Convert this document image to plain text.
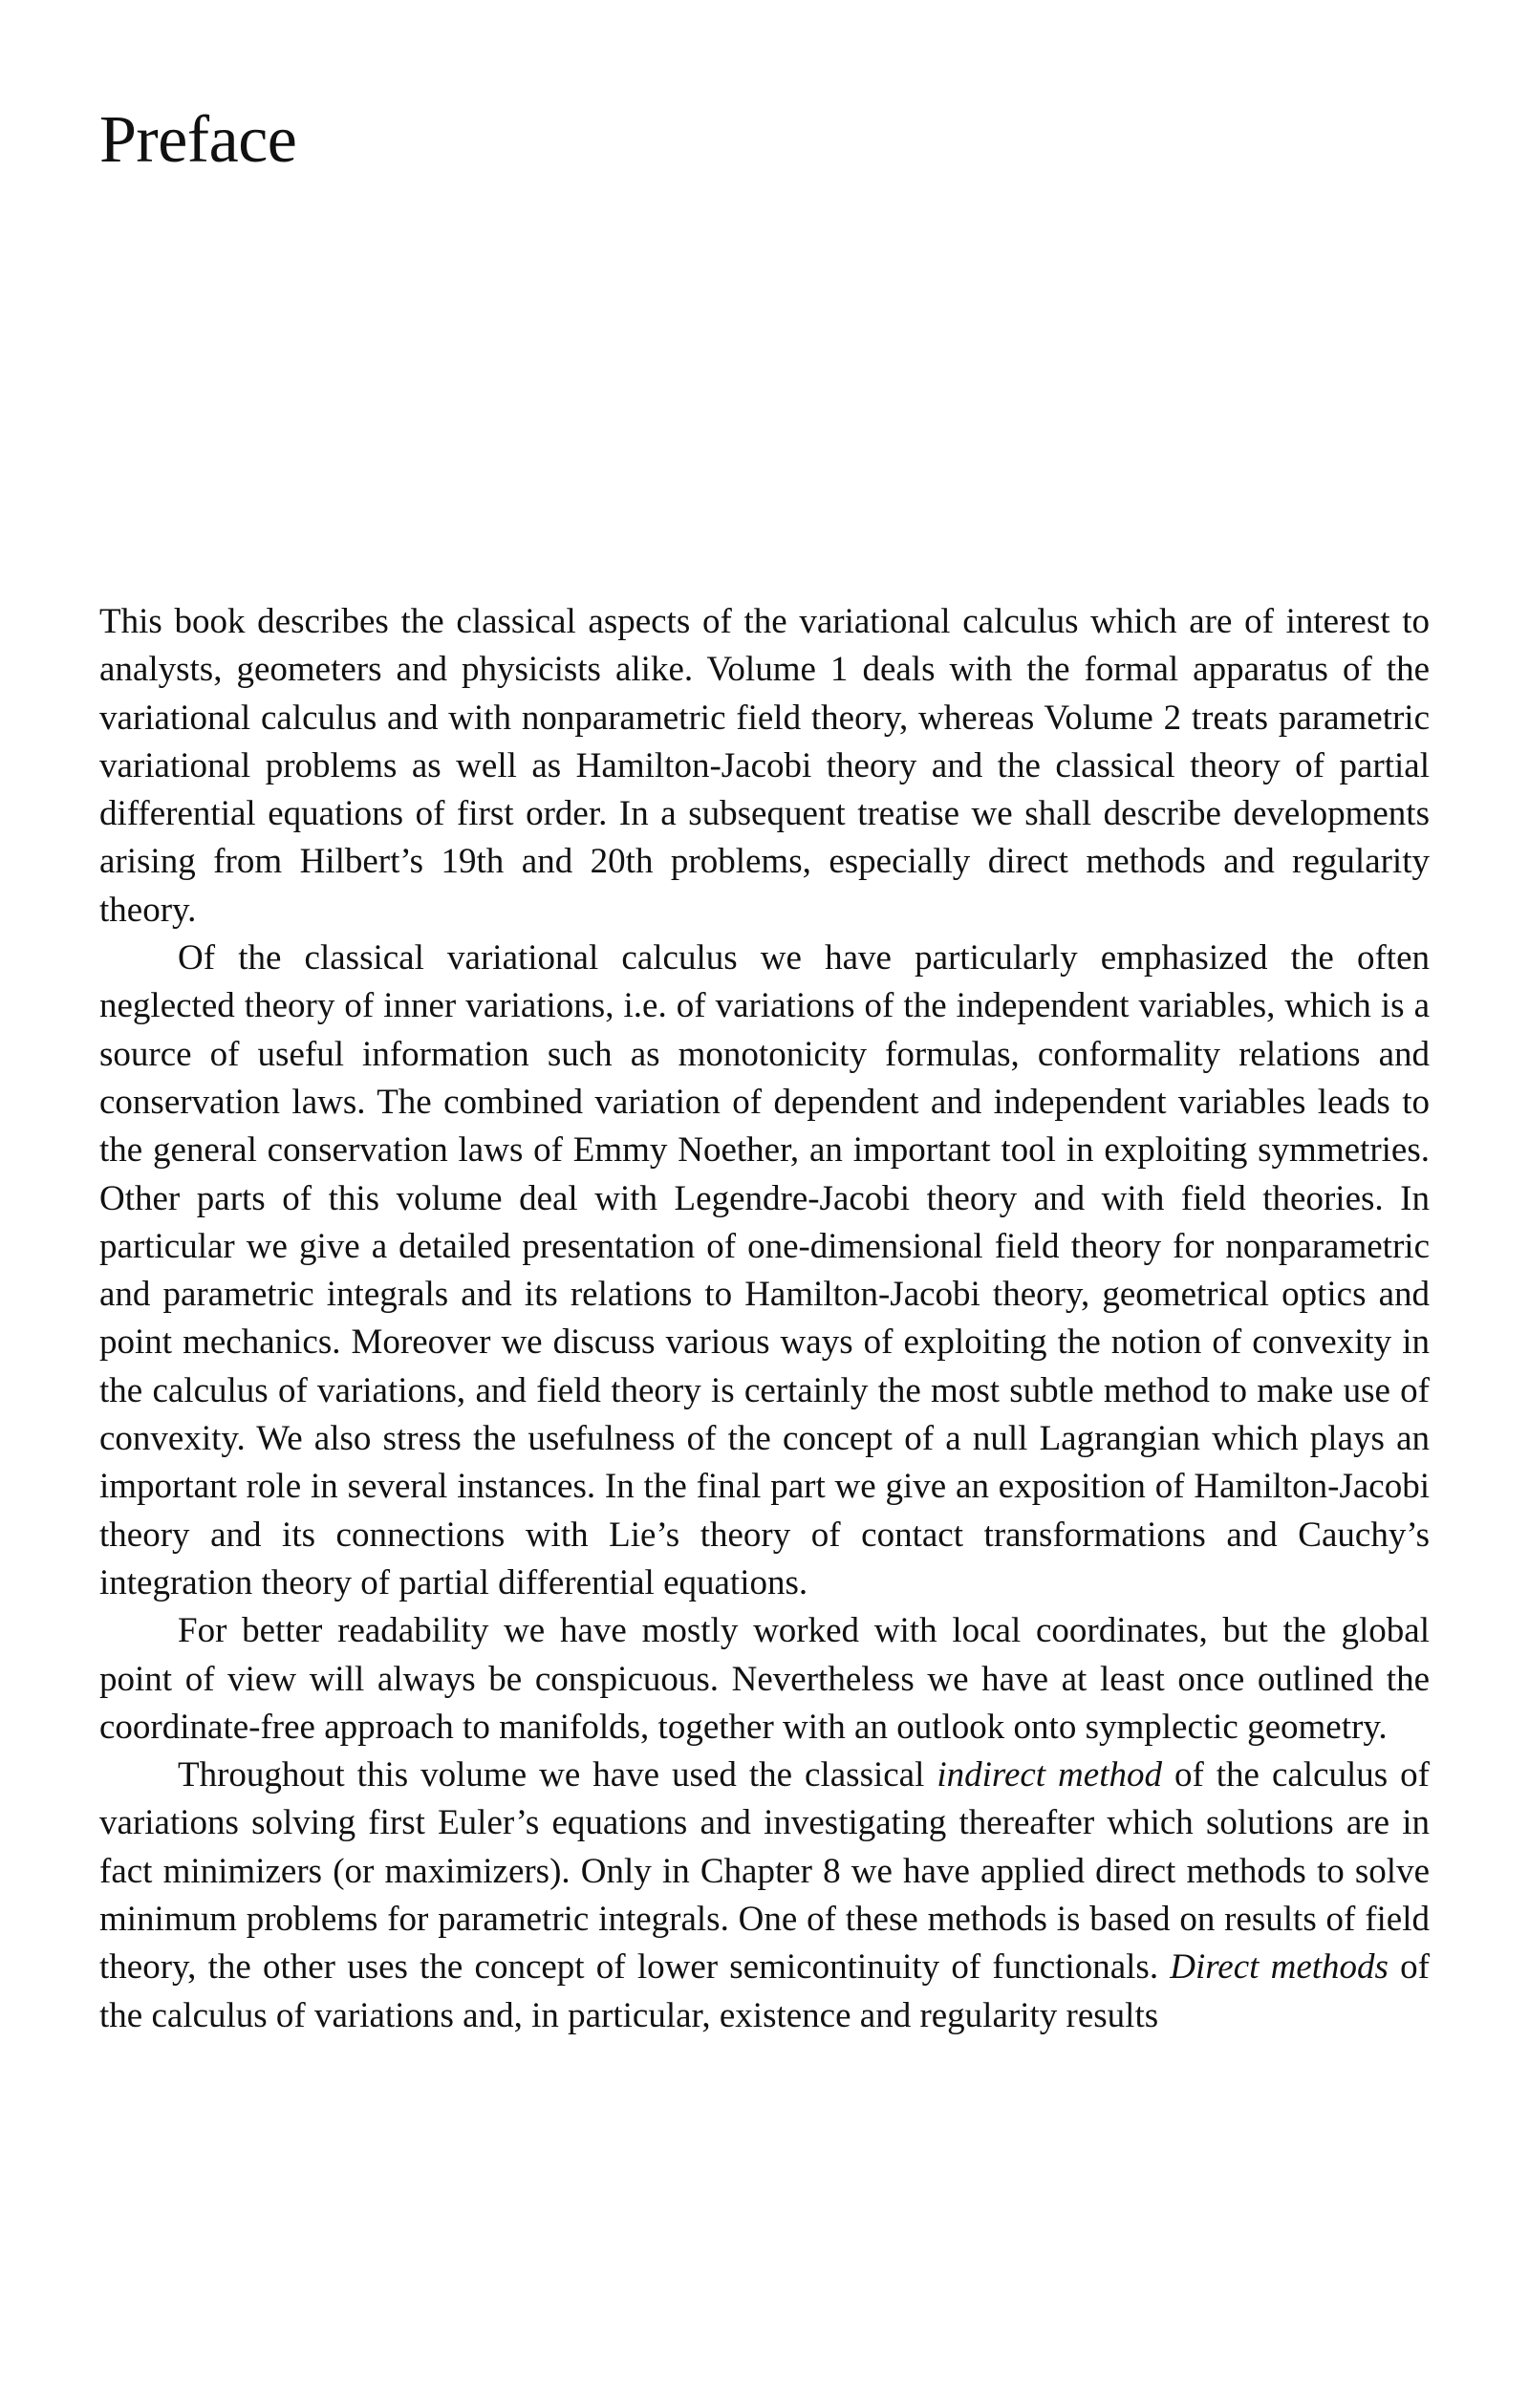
Preface

This book describes the classical aspects of the variational calculus which are of interest to analysts, geometers and physicists alike. Volume 1 deals with the formal apparatus of the variational calculus and with nonparametric field theory, whereas Volume 2 treats parametric variational problems as well as Hamilton-Jacobi theory and the classical theory of partial differential equations of first order. In a subsequent treatise we shall describe developments arising from Hilbert’s 19th and 20th problems, especially direct methods and regularity theory.

Of the classical variational calculus we have particularly emphasized the often neglected theory of inner variations, i.e. of variations of the independent variables, which is a source of useful information such as monotonicity formulas, conformality relations and conservation laws. The combined variation of dependent and independent variables leads to the general conservation laws of Emmy Noether, an important tool in exploiting symmetries. Other parts of this volume deal with Legendre-Jacobi theory and with field theories. In particular we give a detailed presentation of one-dimensional field theory for nonparametric and parametric integrals and its relations to Hamilton-Jacobi theory, geometrical optics and point mechanics. Moreover we discuss various ways of exploiting the notion of convexity in the calculus of variations, and field theory is certainly the most subtle method to make use of convexity. We also stress the usefulness of the concept of a null Lagrangian which plays an important role in several instances. In the final part we give an exposition of Hamilton-Jacobi theory and its connections with Lie’s theory of contact transformations and Cauchy’s integration theory of partial differential equations.

For better readability we have mostly worked with local coordinates, but the global point of view will always be conspicuous. Nevertheless we have at least once outlined the coordinate-free approach to manifolds, together with an outlook onto symplectic geometry.

Throughout this volume we have used the classical indirect method of the calculus of variations solving first Euler’s equations and investigating thereafter which solutions are in fact minimizers (or maximizers). Only in Chapter 8 we have applied direct methods to solve minimum problems for parametric integrals. One of these methods is based on results of field theory, the other uses the concept of lower semicontinuity of functionals. Direct methods of the calculus of variations and, in particular, existence and regularity results
